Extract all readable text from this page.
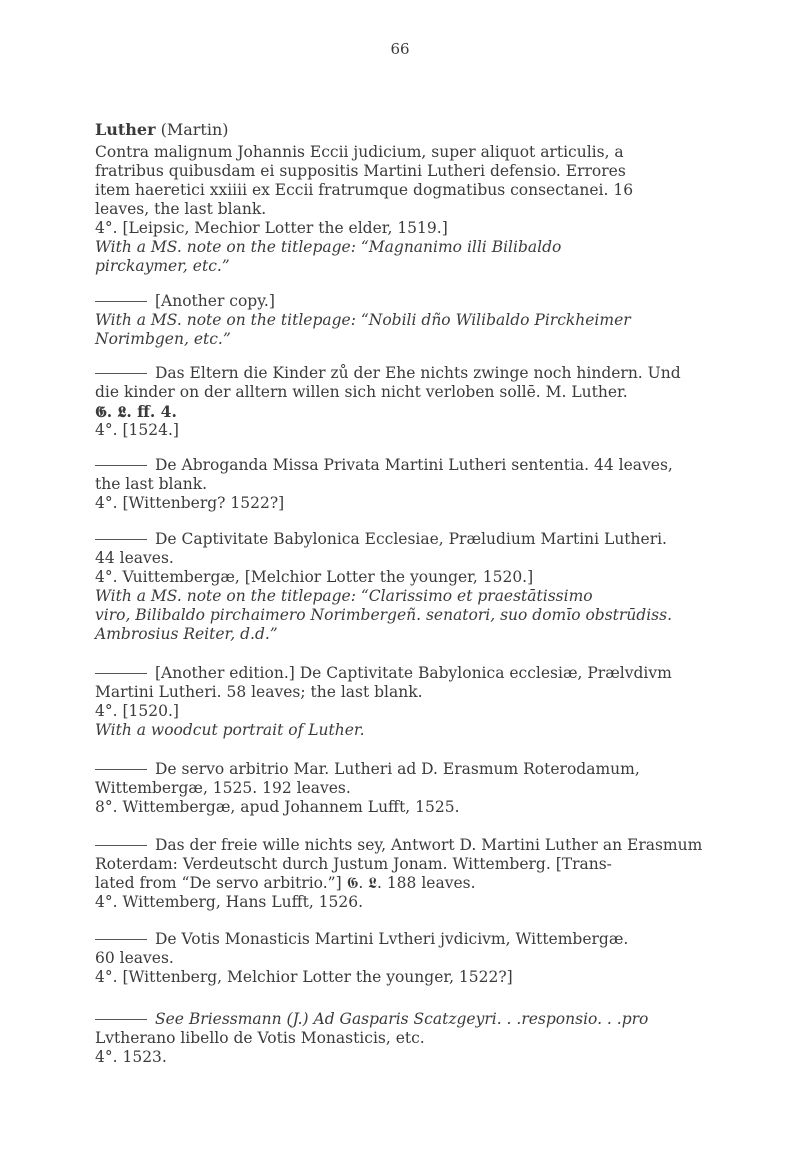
66
Luther (Martin)
Contra malignum Johannis Eccii judicium, super aliquot articulis, a
fratribus quibusdam ei suppositis Martini Lutheri defensio. Errores
item haeretici xxiiii ex Eccii fratrumque dogmatibus consectanei. 16
leaves, the last blank.
4°. [Leipsic, Mechior Lotter the elder, 1519.]
With a MS. note on the titlepage: “Magnanimo illi Bilibaldo
pirckaymer, etc.”
[Another copy.]
With a MS. note on the titlepage: “Nobili dño Wilibaldo Pirckheimer
Norimbgen, etc.”
Das Eltern die Kinder zů der Ehe nichts zwinge noch hindern. Und
die kinder on der alltern willen sich nicht verloben sollē. M. Luther.
𝕲. 𝕷. ff. 4.
4°. [1524.]
De Abroganda Missa Privata Martini Lutheri sententia. 44 leaves,
the last blank.
4°. [Wittenberg? 1522?]
De Captivitate Babylonica Ecclesiae, Præludium Martini Lutheri.
44 leaves.
4°. Vuittembergæ, [Melchior Lotter the younger, 1520.]
With a MS. note on the titlepage: “Clarissimo et praestātissimo
viro, Bilibaldo pirchaimero Norimbergeñ. senatori, suo domīo obstrūdiss.
Ambrosius Reiter, d.d.”
[Another edition.] De Captivitate Babylonica ecclesiæ, Prælvdivm
Martini Lutheri. 58 leaves; the last blank.
4°. [1520.]
With a woodcut portrait of Luther.
De servo arbitrio Mar. Lutheri ad D. Erasmum Roterodamum,
Wittembergæ, 1525. 192 leaves.
8°. Wittembergæ, apud Johannem Lufft, 1525.
Das der freie wille nichts sey, Antwort D. Martini Luther an Erasmum
Roterdam: Verdeutscht durch Justum Jonam. Wittemberg. [Trans-
lated from “De servo arbitrio.”] 𝕲. 𝕷. 188 leaves.
4°. Wittemberg, Hans Lufft, 1526.
De Votis Monasticis Martini Lvtheri jvdicivm, Wittembergæ.
60 leaves.
4°. [Wittenberg, Melchior Lotter the younger, 1522?]
See Briessmann (J.) Ad Gasparis Scatzgeyri. . .responsio. . .pro
Lvtherano libello de Votis Monasticis, etc.
4°. 1523.
